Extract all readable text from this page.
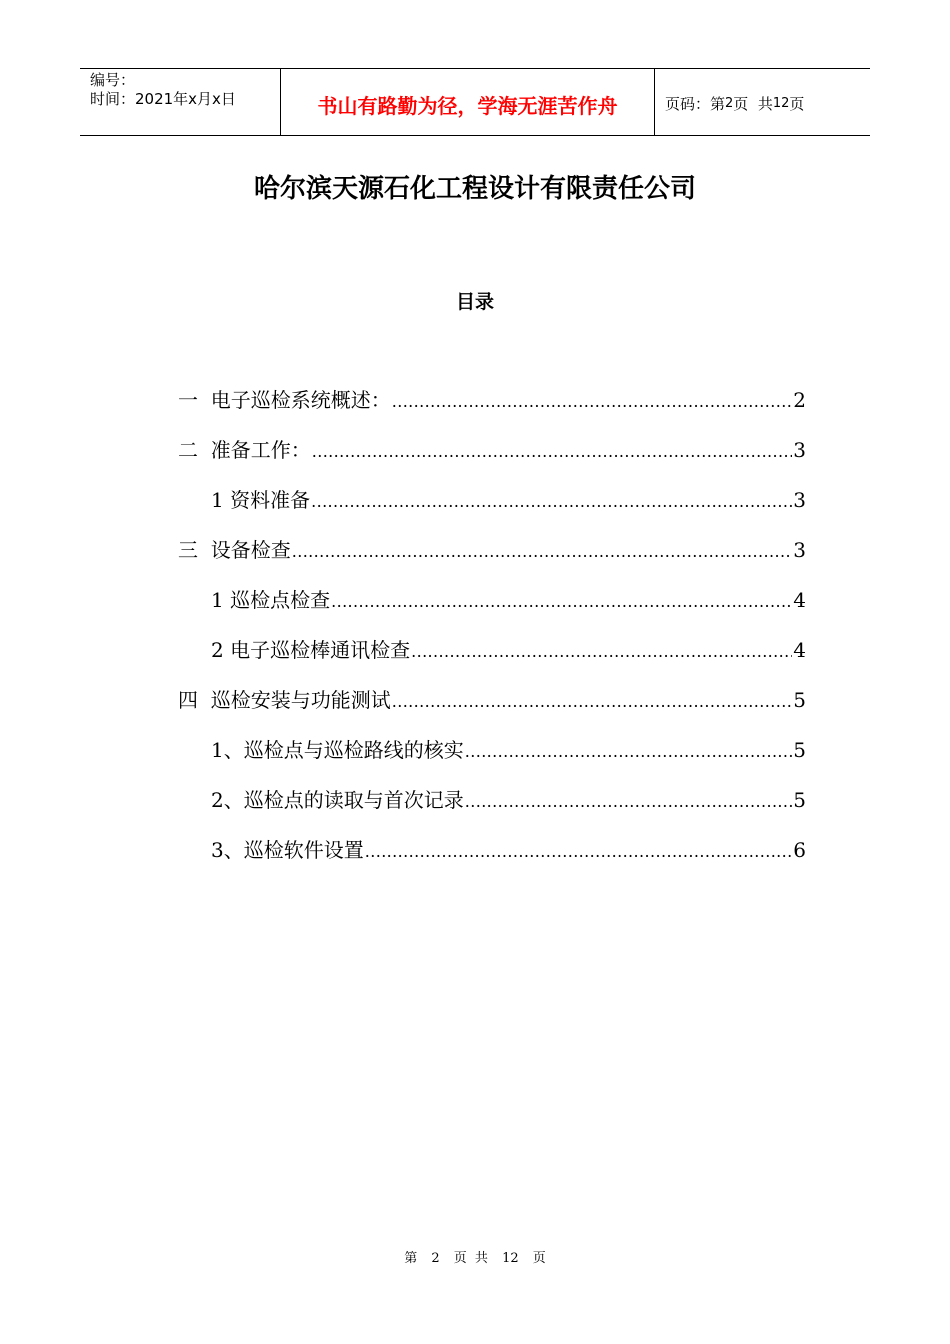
编号：
时间：2021年x月x日	书山有路勤为径，学海无涯苦作舟	页码：第 2 页  共 12 页
哈尔滨天源石化工程设计有限责任公司
目录
一 电子巡检系统概述： .....	2
二 准备工作： .....	3
1 资料准备 .....	3
三 设备检查 .....	3
1 巡检点检查 .....	4
2 电子巡检棒通讯检查 .....	4
四 巡检安装与功能测试 .....	5
1 、巡检点与巡检路线的核实 .....	5
2 、巡检点的读取与首次记录 .....	5
3 、巡检软件设置 .....	6
第 2 页 共 12 页
